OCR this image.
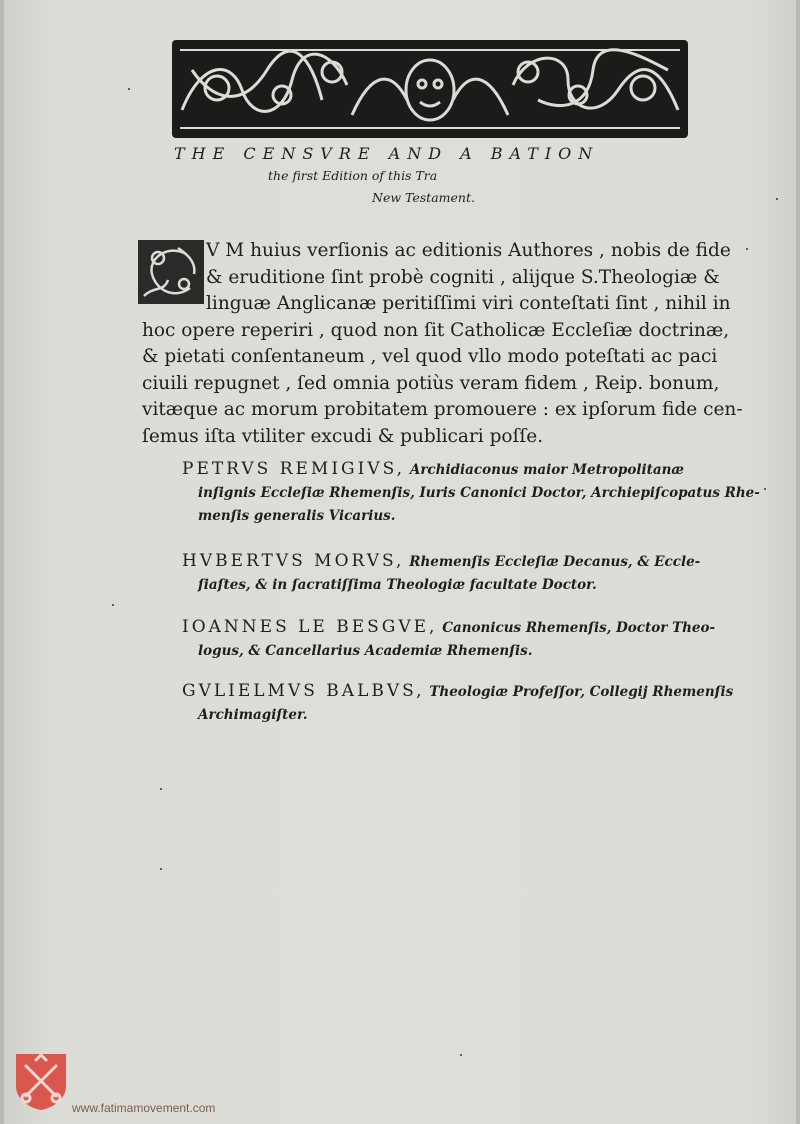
THE CENSVRE AND A BATION
the first Edition of this Tra
New Testament.
V M huius verſionis ac editionis Authores , nobis de fide
& eruditione ſint probè cogniti , alijque S.Theologiæ &
linguæ Anglicanæ peritiſſimi viri conteſtati ſint , nihil in
hoc opere reperiri , quod non ſit Catholicæ Eccleſiæ doctrinæ,
& pietati conſentaneum , vel quod vllo modo poteſtati ac paci
ciuili repugnet , ſed omnia potiùs veram fidem , Reip. bonum,
vitæque ac morum probitatem promouere : ex ipſorum fide cen-
ſemus iſta vtiliter excudi & publicari poſſe.
PETRVS REMIGIVS, Archidiaconus maior Metropolitanæ
inſignis Eccleſiæ Rhemenſis, Iuris Canonici Doctor, Archiepiſcopatus Rhe-
menſis generalis Vicarius.
HVBERTVS MORVS, Rhemenſis Eccleſiæ Decanus, & Eccle-
ſiaſtes, & in ſacratiſſima Theologiæ facultate Doctor.
IOANNES LE BESGVE, Canonicus Rhemenſis, Doctor Theo-
logus, & Cancellarius Academiæ Rhemenſis.
GVLIELMVS BALBVS, Theologiæ Profeſſor, Collegij Rhemenſis
Archimagiſter.
www.fatimamovement.com
